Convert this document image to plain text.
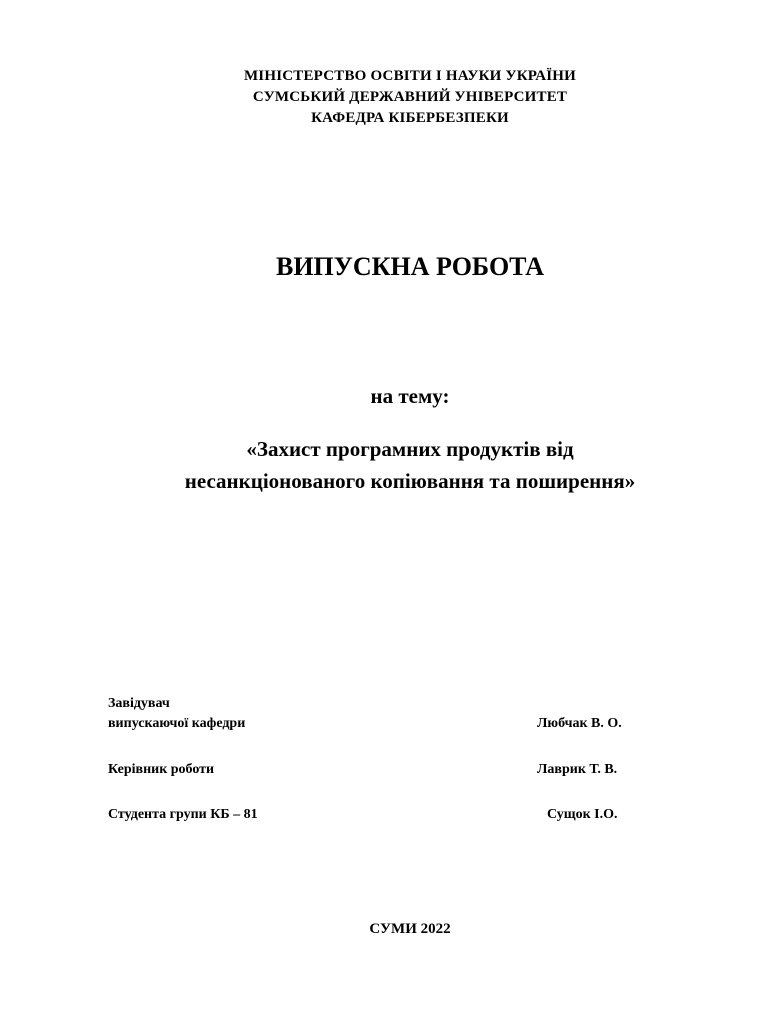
МІНІСТЕРСТВО ОСВІТИ І НАУКИ УКРАЇНИ
СУМСЬКИЙ ДЕРЖАВНИЙ УНІВЕРСИТЕТ
КАФЕДРА КІБЕРБЕЗПЕКИ
ВИПУСКНА РОБОТА
на тему:
«Захист програмних продуктів від
несанкціонованого копіювання та поширення»
Завідувач
випускаючої кафедри	Любчак В. О.
Керівник роботи	Лаврик Т. В.
Студента групи КБ – 81	Сущок І.О.
СУМИ 2022
